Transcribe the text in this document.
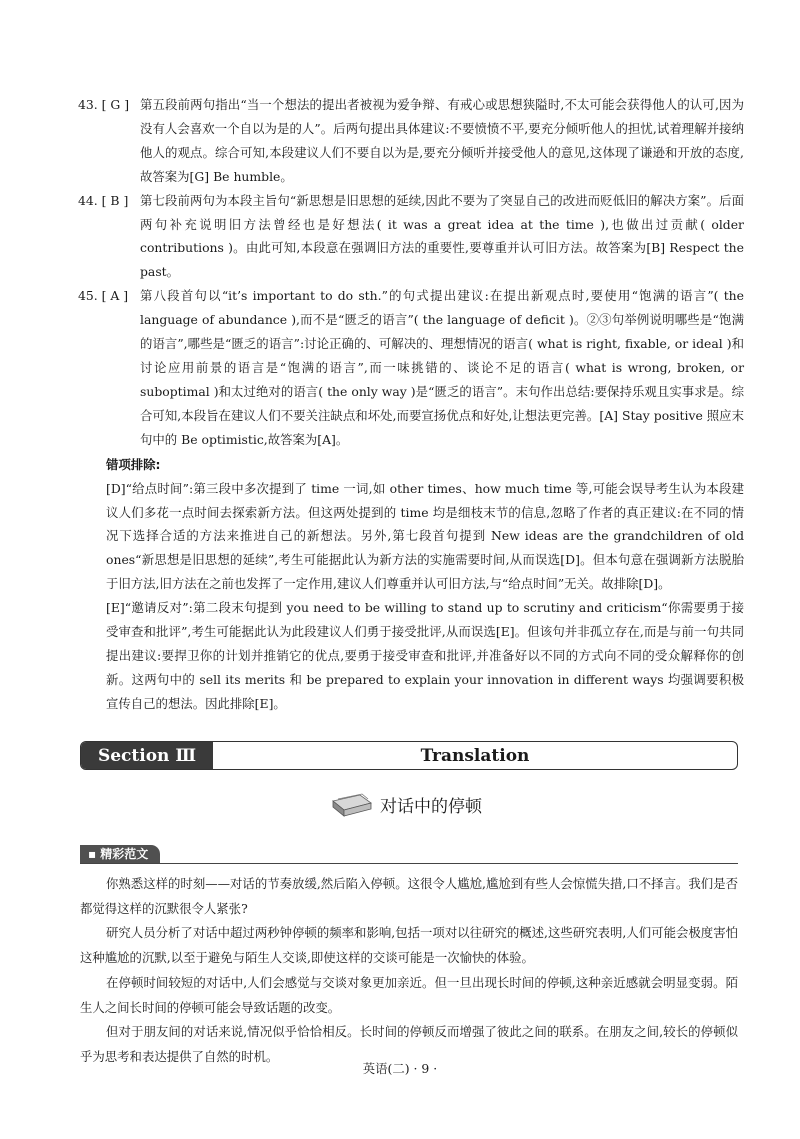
43. [ G ] 第五段前两句指出“当一个想法的提出者被视为爱争辩、有戒心或思想狭隘时,不太可能会获得他人的认可,因为没有人会喜欢一个自以为是的人”。后两句提出具体建议:不要愤愤不平,要充分倾听他人的担忧,试着理解并接纳他人的观点。综合可知,本段建议人们不要自以为是,要充分倾听并接受他人的意见,这体现了谦逊和开放的态度,故答案为[G] Be humble。
44. [ B ] 第七段前两句为本段主旨句“新思想是旧思想的延续,因此不要为了突显自己的改进而贬低旧的解决方案”。后面两句补充说明旧方法曾经也是好想法( it was a great idea at the time ),也做出过贡献( older contributions )。由此可知,本段意在强调旧方法的重要性,要尊重并认可旧方法。故答案为[B] Respect the past。
45. [ A ] 第八段首句以“it’s important to do sth.”的句式提出建议:在提出新观点时,要使用“饱满的语言”( the language of abundance ),而不是“匮乏的语言”( the language of deficit )。②③句举例说明哪些是“饱满的语言”,哪些是“匮乏的语言”:讨论正确的、可解决的、理想情况的语言( what is right, fixable, or ideal )和讨论应用前景的语言是“饱满的语言”,而一味挑错的、谈论不足的语言( what is wrong, broken, or suboptimal )和太过绝对的语言( the only way )是“匮乏的语言”。末句作出总结:要保持乐观且实事求是。综合可知,本段旨在建议人们不要关注缺点和坏处,而要宣扬优点和好处,让想法更完善。[A] Stay positive 照应末句中的 Be optimistic,故答案为[A]。
错项排除:
[D]“给点时间”:第三段中多次提到了 time 一词,如 other times、how much time 等,可能会误导考生认为本段建议人们多花一点时间去探索新方法。但这两处提到的 time 均是细枝末节的信息,忽略了作者的真正建议:在不同的情况下选择合适的方法来推进自己的新想法。另外,第七段首句提到 New ideas are the grandchildren of old ones“新思想是旧思想的延续”,考生可能据此认为新方法的实施需要时间,从而误选[D]。但本句意在强调新方法脱胎于旧方法,旧方法在之前也发挥了一定作用,建议人们尊重并认可旧方法,与“给点时间”无关。故排除[D]。
[E]“邀请反对”:第二段末句提到 you need to be willing to stand up to scrutiny and criticism“你需要勇于接受审查和批评”,考生可能据此认为此段建议人们勇于接受批评,从而误选[E]。但该句并非孤立存在,而是与前一句共同提出建议:要捍卫你的计划并推销它的优点,要勇于接受审查和批评,并准备好以不同的方式向不同的受众解释你的创新。这两句中的 sell its merits 和 be prepared to explain your innovation in different ways 均强调要积极宣传自己的想法。因此排除[E]。
Section Ⅲ	Translation
对话中的停顿
▪ 精彩范文

你熟悉这样的时刻——对话的节奏放缓,然后陷入停顿。这很令人尴尬,尴尬到有些人会惊慌失措,口不择言。我们是否都觉得这样的沉默很令人紧张?

研究人员分析了对话中超过两秒钟停顿的频率和影响,包括一项对以往研究的概述,这些研究表明,人们可能会极度害怕这种尴尬的沉默,以至于避免与陌生人交谈,即使这样的交谈可能是一次愉快的体验。

在停顿时间较短的对话中,人们会感觉与交谈对象更加亲近。但一旦出现长时间的停顿,这种亲近感就会明显变弱。陌生人之间长时间的停顿可能会导致话题的改变。

但对于朋友间的对话来说,情况似乎恰恰相反。长时间的停顿反而增强了彼此之间的联系。在朋友之间,较长的停顿似乎为思考和表达提供了自然的时机。

英语(二) · 9 ·
